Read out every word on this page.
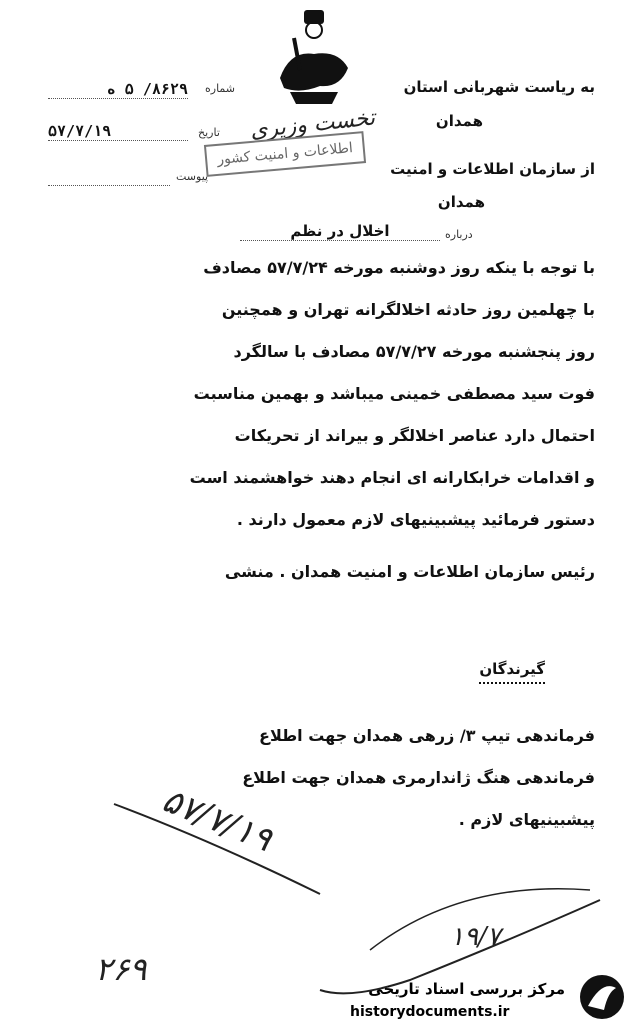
به ریاست شهربانی استان
همدان
از سازمان اطلاعات و امنیت
همدان
شماره
۸۶۲۹/ ۵ ه
تاریخ
۵۷/۷/۱۹
پیوست
تخست وزیری
اطلاعات و امنیت کشور
درباره
اخلال در نظم
با توجه با ینکه روز دوشنبه مورخه ۵۷/۷/۲۴ مصادف
با چهلمین روز حادثه اخلالگرانه تهران و همچنین
روز پنجشنبه مورخه ۵۷/۷/۲۷ مصادف با سالگرد
فوت سید مصطفی خمینی میباشد و بهمین مناسبت
احتمال دارد عناصر اخلالگر و بیراند از تحریکات
و اقدامات خرابکارانه ای انجام دهند خواهشمند است
دستور فرمائید پیشبینیهای لازم معمول دارند .
رئیس سازمان اطلاعات و امنیت همدان . منشی
گیرندگان
فرماندهی تیپ ۳/ زرهی همدان جهت اطلاع
فرماندهی هنگ ژاندارمری همدان جهت اطلاع
پیشبینیهای لازم .
۵۷/۷/۱۹
۲۶۹
۱۹/۷
مرکز بررسی اسناد تاریخی
historydocuments.ir
